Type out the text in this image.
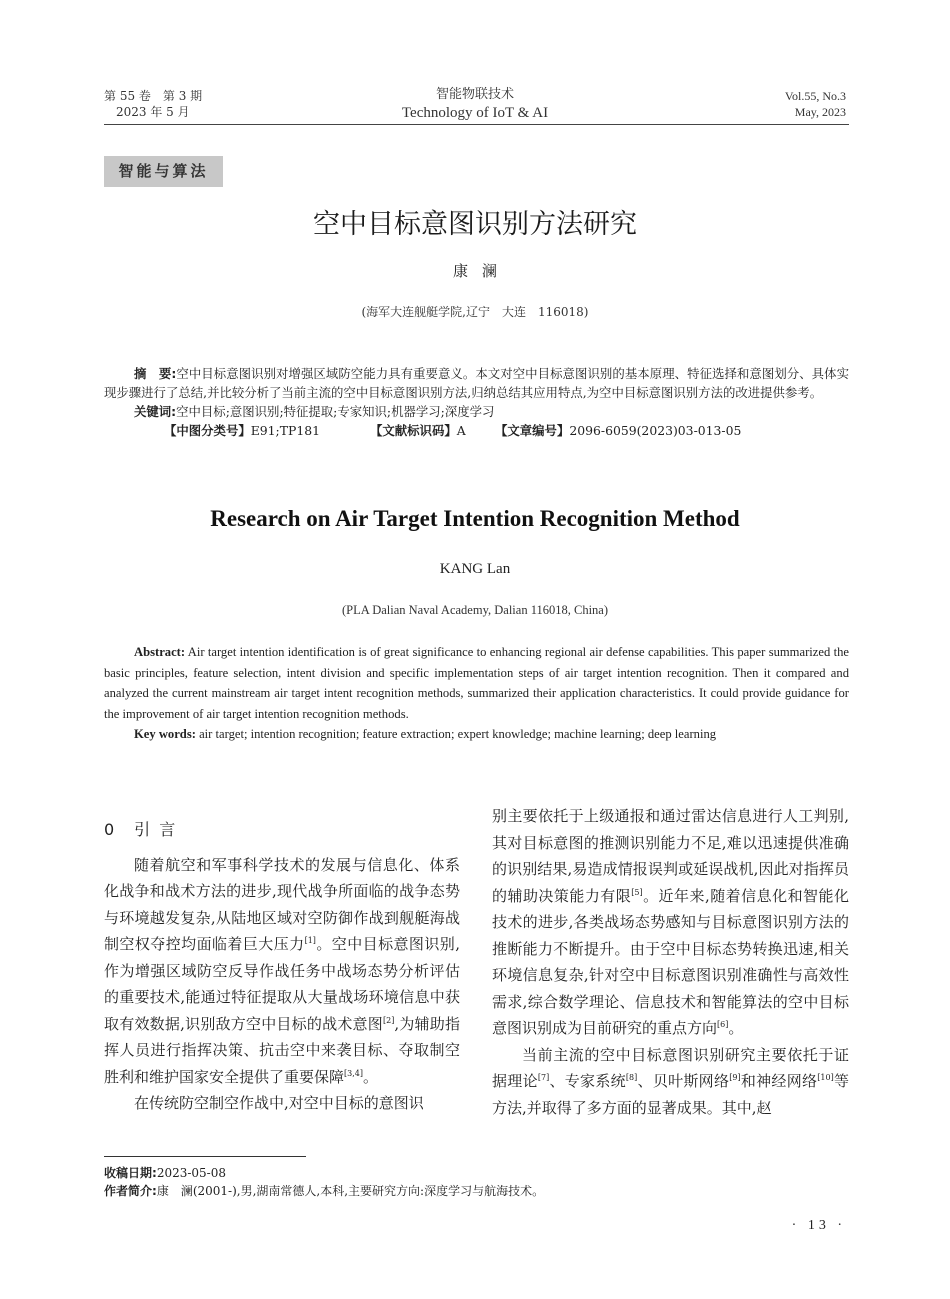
第 55 卷　第 3 期
2023 年 5 月
智能物联技术
Technology of IoT & AI
Vol.55, No.3
May, 2023
智能与算法
空中目标意图识别方法研究
康澜
(海军大连舰艇学院,辽宁　大连　116018)

摘　要:空中目标意图识别对增强区域防空能力具有重要意义。本文对空中目标意图识别的基本原理、特征选择和意图划分、具体实现步骤进行了总结,并比较分析了当前主流的空中目标意图识别方法,归纳总结其应用特点,为空中目标意图识别方法的改进提供参考。

关键词:空中目标;意图识别;特征提取;专家知识;机器学习;深度学习

【中图分类号】E91;TP181	【文献标识码】A 【文章编号】2096-6059(2023)03-013-05

Research on Air Target Intention Recognition Method
KANG Lan
(PLA Dalian Naval Academy, Dalian 116018, China)

Abstract: Air target intention identification is of great significance to enhancing regional air defense capabilities. This paper summarized the basic principles, feature selection, intent division and specific implementation steps of air target intention recognition. Then it compared and analyzed the current mainstream air target intent recognition methods, summarized their application characteristics. It could provide guidance for the improvement of air target intention recognition methods.

Key words: air target; intention recognition; feature extraction; expert knowledge; machine learning; deep learning

0　引 言

随着航空和军事科学技术的发展与信息化、体系化战争和战术方法的进步,现代战争所面临的战争态势与环境越发复杂,从陆地区域对空防御作战到舰艇海战制空权夺控均面临着巨大压力[1]。空中目标意图识别,作为增强区域防空反导作战任务中战场态势分析评估的重要技术,能通过特征提取从大量战场环境信息中获取有效数据,识别敌方空中目标的战术意图[2],为辅助指挥人员进行指挥决策、抗击空中来袭目标、夺取制空胜利和维护国家安全提供了重要保障[3,4]。

在传统防空制空作战中,对空中目标的意图识

别主要依托于上级通报和通过雷达信息进行人工判别,其对目标意图的推测识别能力不足,难以迅速提供准确的识别结果,易造成情报误判或延误战机,因此对指挥员的辅助决策能力有限[5]。近年来,随着信息化和智能化技术的进步,各类战场态势感知与目标意图识别方法的推断能力不断提升。由于空中目标态势转换迅速,相关环境信息复杂,针对空中目标意图识别准确性与高效性需求,综合数学理论、信息技术和智能算法的空中目标意图识别成为目前研究的重点方向[6]。

当前主流的空中目标意图识别研究主要依托于证据理论[7]、专家系统[8]、贝叶斯网络[9]和神经网络[10]等方法,并取得了多方面的显著成果。其中,赵

收稿日期:2023-05-08

作者简介:康　澜(2001-),男,湖南常德人,本科,主要研究方向:深度学习与航海技术。

· 13 ·
